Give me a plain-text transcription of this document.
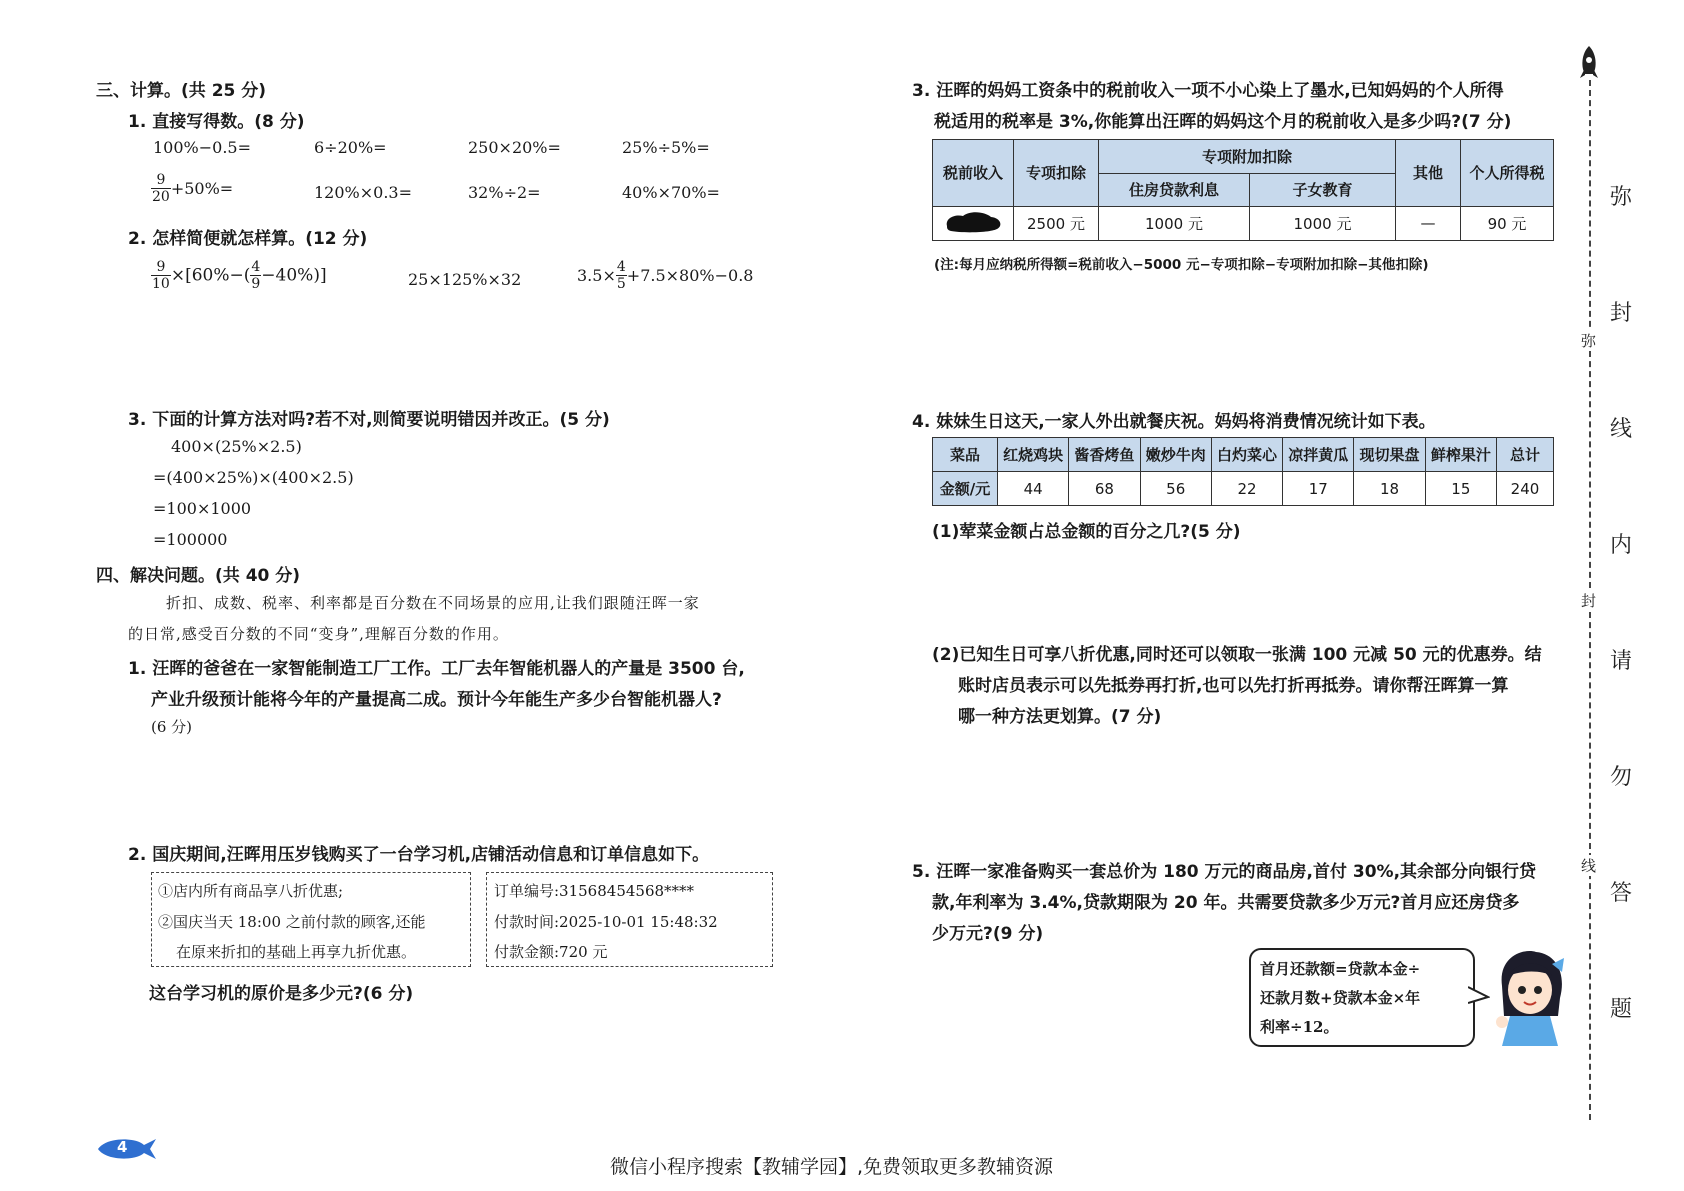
三、计算。(共 25 分)
1. 直接写得数。(8 分)
100%−0.5=	6÷20%=	250×20%=	25%÷5%=
$\frac{9}{20} +50\%=$	120%×0.3=	32%÷2=	40%×70%=
2. 怎样简便就怎样算。(12 分)
$\frac{9}{10} \times[60\%-( \frac{4}{9} -40\%)]$	25×125%×32	$3.5\times \frac{4}{5} +7.5\times 80\%-0.8$
3. 下面的计算方法对吗?若不对,则简要说明错因并改正。(5 分)
400×(25%×2.5)
=(400×25%)×(400×2.5)
=100×1000
=100000
四、解决问题。(共 40 分)
折扣、成数、税率、利率都是百分数在不同场景的应用,让我们跟随汪晖一家
的日常,感受百分数的不同“变身”,理解百分数的作用。
1. 汪晖的爸爸在一家智能制造工厂工作。工厂去年智能机器人的产量是 3500 台,
产业升级预计能将今年的产量提高二成。预计今年能生产多少台智能机器人?
(6 分)
2. 国庆期间,汪晖用压岁钱购买了一台学习机,店铺活动信息和订单信息如下。
①店内所有商品享八折优惠;
②国庆当天 18:00 之前付款的顾客,还能
在原来折扣的基础上再享九折优惠。
订单编号:31568454568****
付款时间:2025-10-01 15:48:32
付款金额:720 元
这台学习机的原价是多少元?(6 分)
3. 汪晖的妈妈工资条中的税前收入一项不小心染上了墨水,已知妈妈的个人所得
税适用的税率是 3%,你能算出汪晖的妈妈这个月的税前收入是多少吗?(7 分)
税前收入	专项扣除	专项附加扣除		其他	个人所得税
		住房贷款利息	子女教育		
	2500 元	1000 元	1000 元	—	90 元
(注:每月应纳税所得额=税前收入−5000 元−专项扣除−专项附加扣除−其他扣除)
4. 妹妹生日这天,一家人外出就餐庆祝。妈妈将消费情况统计如下表。
菜品	红烧鸡块	酱香烤鱼	嫩炒牛肉	白灼菜心	凉拌黄瓜	现切果盘	鲜榨果汁	总计
金额/元	44	68	56	22	17	18	15	240
(1)荤菜金额占总金额的百分之几?(5 分)
(2)已知生日可享八折优惠,同时还可以领取一张满 100 元减 50 元的优惠券。结
账时店员表示可以先抵券再打折,也可以先打折再抵券。请你帮汪晖算一算
哪一种方法更划算。(7 分)
5. 汪晖一家准备购买一套总价为 180 万元的商品房,首付 30%,其余部分向银行贷
款,年利率为 3.4%,贷款期限为 20 年。共需要贷款多少万元?首月应还房贷多
少万元?(9 分)
首月还款额=贷款本金÷
还款月数+贷款本金×年
利率÷12。
弥
封
线
弥
封
线
内
请
勿
答
题
4
微信小程序搜索【教辅学园】,免费领取更多教辅资源
